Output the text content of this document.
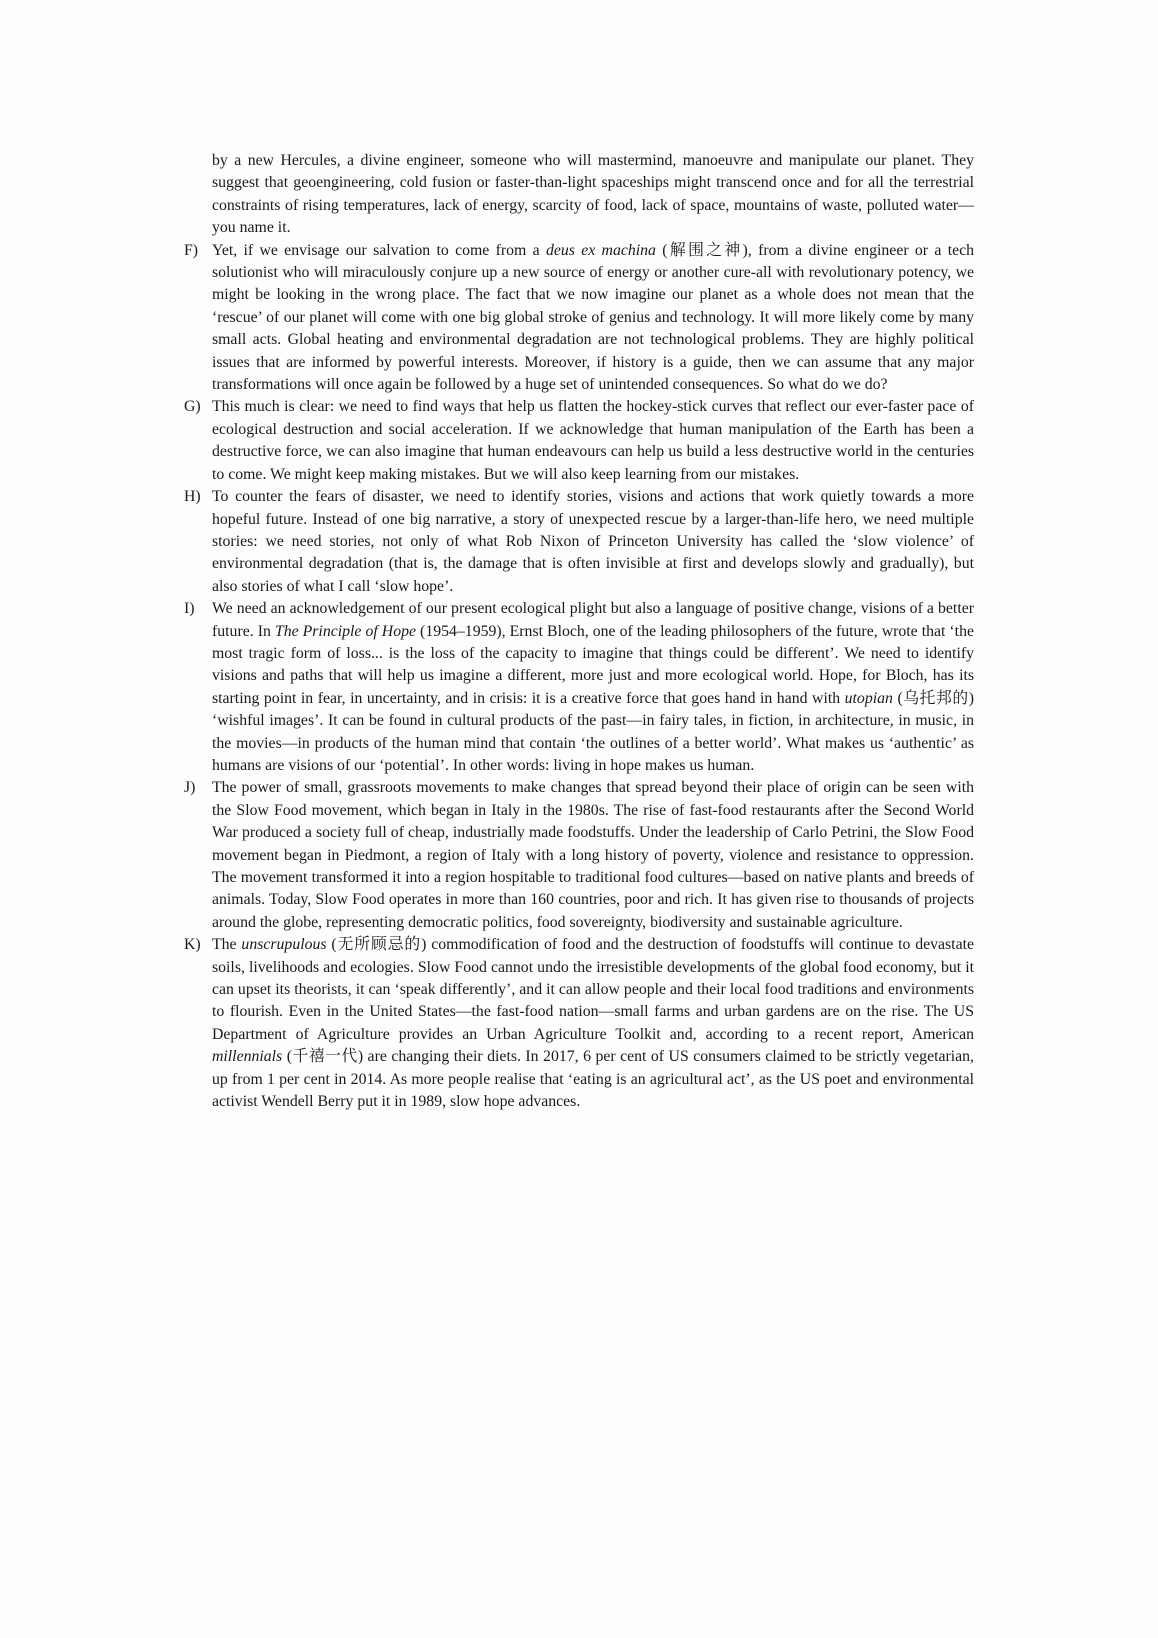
by a new Hercules, a divine engineer, someone who will mastermind, manoeuvre and manipulate our planet. They suggest that geoengineering, cold fusion or faster-than-light spaceships might transcend once and for all the terrestrial constraints of rising temperatures, lack of energy, scarcity of food, lack of space, mountains of waste, polluted water—you name it.

F) Yet, if we envisage our salvation to come from a deus ex machina (解围之神), from a divine engineer or a tech solutionist who will miraculously conjure up a new source of energy or another cure-all with revolutionary potency, we might be looking in the wrong place. The fact that we now imagine our planet as a whole does not mean that the ‘rescue’ of our planet will come with one big global stroke of genius and technology. It will more likely come by many small acts. Global heating and environmental degradation are not technological problems. They are highly political issues that are informed by powerful interests. Moreover, if history is a guide, then we can assume that any major transformations will once again be followed by a huge set of unintended consequences. So what do we do?

G) This much is clear: we need to find ways that help us flatten the hockey-stick curves that reflect our ever-faster pace of ecological destruction and social acceleration. If we acknowledge that human manipulation of the Earth has been a destructive force, we can also imagine that human endeavours can help us build a less destructive world in the centuries to come. We might keep making mistakes. But we will also keep learning from our mistakes.

H) To counter the fears of disaster, we need to identify stories, visions and actions that work quietly towards a more hopeful future. Instead of one big narrative, a story of unexpected rescue by a larger-than-life hero, we need multiple stories: we need stories, not only of what Rob Nixon of Princeton University has called the ‘slow violence’ of environmental degradation (that is, the damage that is often invisible at first and develops slowly and gradually), but also stories of what I call ‘slow hope’.

I) We need an acknowledgement of our present ecological plight but also a language of positive change, visions of a better future. In The Principle of Hope (1954–1959), Ernst Bloch, one of the leading philosophers of the future, wrote that ‘the most tragic form of loss... is the loss of the capacity to imagine that things could be different’. We need to identify visions and paths that will help us imagine a different, more just and more ecological world. Hope, for Bloch, has its starting point in fear, in uncertainty, and in crisis: it is a creative force that goes hand in hand with utopian (乌托邦的) ‘wishful images’. It can be found in cultural products of the past—in fairy tales, in fiction, in architecture, in music, in the movies—in products of the human mind that contain ‘the outlines of a better world’. What makes us ‘authentic’ as humans are visions of our ‘potential’. In other words: living in hope makes us human.

J) The power of small, grassroots movements to make changes that spread beyond their place of origin can be seen with the Slow Food movement, which began in Italy in the 1980s. The rise of fast-food restaurants after the Second World War produced a society full of cheap, industrially made foodstuffs. Under the leadership of Carlo Petrini, the Slow Food movement began in Piedmont, a region of Italy with a long history of poverty, violence and resistance to oppression. The movement transformed it into a region hospitable to traditional food cultures—based on native plants and breeds of animals. Today, Slow Food operates in more than 160 countries, poor and rich. It has given rise to thousands of projects around the globe, representing democratic politics, food sovereignty, biodiversity and sustainable agriculture.

K) The unscrupulous (无所顾忌的) commodification of food and the destruction of foodstuffs will continue to devastate soils, livelihoods and ecologies. Slow Food cannot undo the irresistible developments of the global food economy, but it can upset its theorists, it can ‘speak differently’, and it can allow people and their local food traditions and environments to flourish. Even in the United States—the fast-food nation—small farms and urban gardens are on the rise. The US Department of Agriculture provides an Urban Agriculture Toolkit and, according to a recent report, American millennials (千禧一代) are changing their diets. In 2017, 6 per cent of US consumers claimed to be strictly vegetarian, up from 1 per cent in 2014. As more people realise that ‘eating is an agricultural act’, as the US poet and environmental activist Wendell Berry put it in 1989, slow hope advances.
